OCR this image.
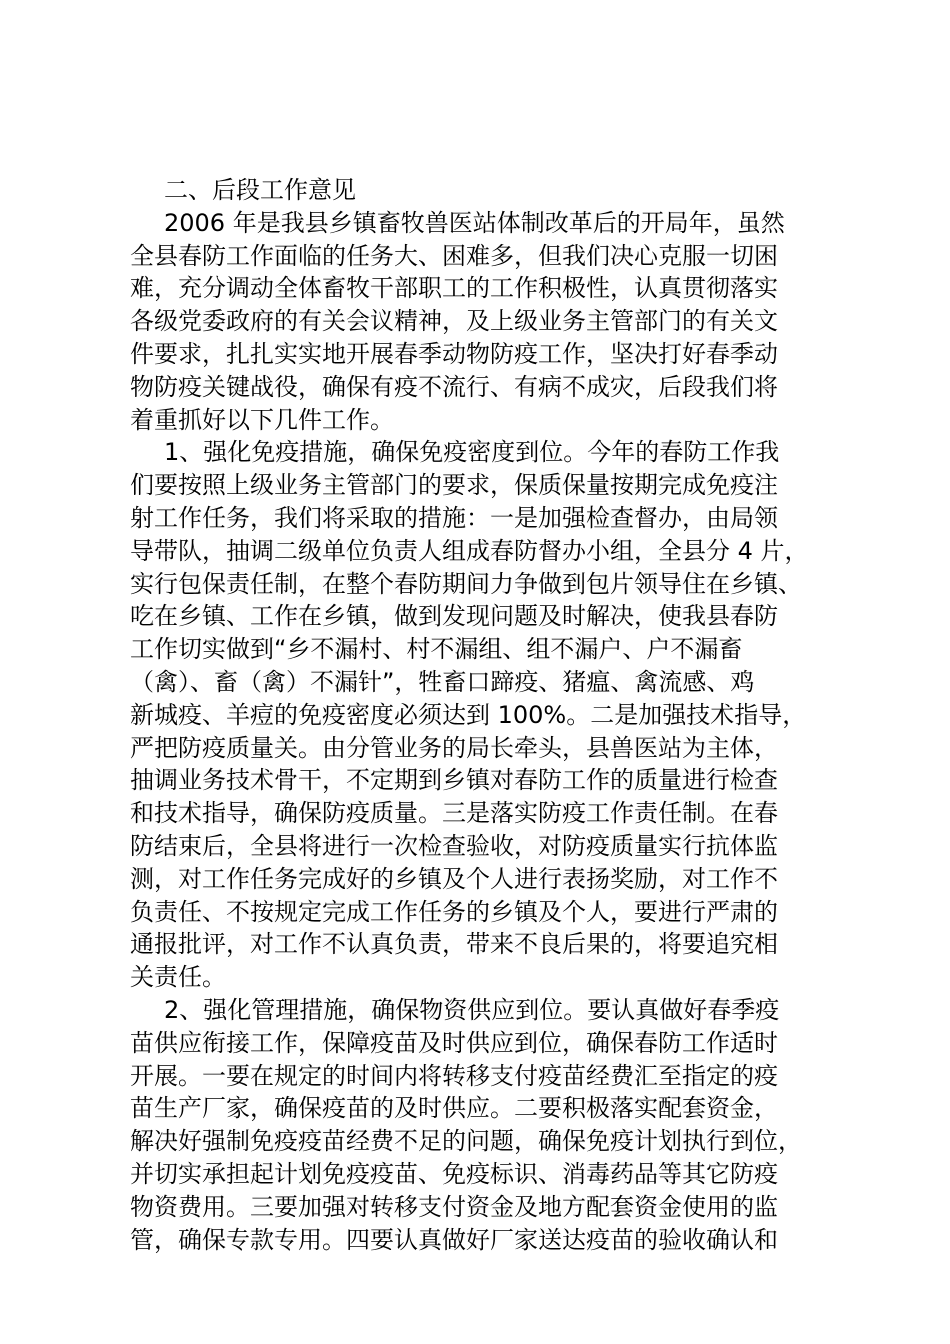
二、后段工作意见
2006 年是我县乡镇畜牧兽医站体制改革后的开局年，虽然
全县春防工作面临的任务大、困难多，但我们决心克服一切困
难，充分调动全体畜牧干部职工的工作积极性，认真贯彻落实
各级党委政府的有关会议精神，及上级业务主管部门的有关文
件要求，扎扎实实地开展春季动物防疫工作，坚决打好春季动
物防疫关键战役，确保有疫不流行、有病不成灾，后段我们将
着重抓好以下几件工作。
1、强化免疫措施，确保免疫密度到位。今年的春防工作我
们要按照上级业务主管部门的要求，保质保量按期完成免疫注
射工作任务，我们将采取的措施：一是加强检查督办，由局领
导带队，抽调二级单位负责人组成春防督办小组，全县分 4 片，
实行包保责任制，在整个春防期间力争做到包片领导住在乡镇、
吃在乡镇、工作在乡镇，做到发现问题及时解决，使我县春防
工作切实做到“乡不漏村、村不漏组、组不漏户、户不漏畜
（禽）、畜（禽）不漏针”，牲畜口蹄疫、猪瘟、禽流感、鸡
新城疫、羊痘的免疫密度必须达到 100%。二是加强技术指导，
严把防疫质量关。由分管业务的局长牵头，县兽医站为主体，
抽调业务技术骨干，不定期到乡镇对春防工作的质量进行检查
和技术指导，确保防疫质量。三是落实防疫工作责任制。在春
防结束后，全县将进行一次检查验收，对防疫质量实行抗体监
测，对工作任务完成好的乡镇及个人进行表扬奖励，对工作不
负责任、不按规定完成工作任务的乡镇及个人，要进行严肃的
通报批评，对工作不认真负责，带来不良后果的，将要追究相
关责任。
2、强化管理措施，确保物资供应到位。要认真做好春季疫
苗供应衔接工作，保障疫苗及时供应到位，确保春防工作适时
开展。一要在规定的时间内将转移支付疫苗经费汇至指定的疫
苗生产厂家，确保疫苗的及时供应。二要积极落实配套资金，
解决好强制免疫疫苗经费不足的问题，确保免疫计划执行到位，
并切实承担起计划免疫疫苗、免疫标识、消毒药品等其它防疫
物资费用。三要加强对转移支付资金及地方配套资金使用的监
管，确保专款专用。四要认真做好厂家送达疫苗的验收确认和
